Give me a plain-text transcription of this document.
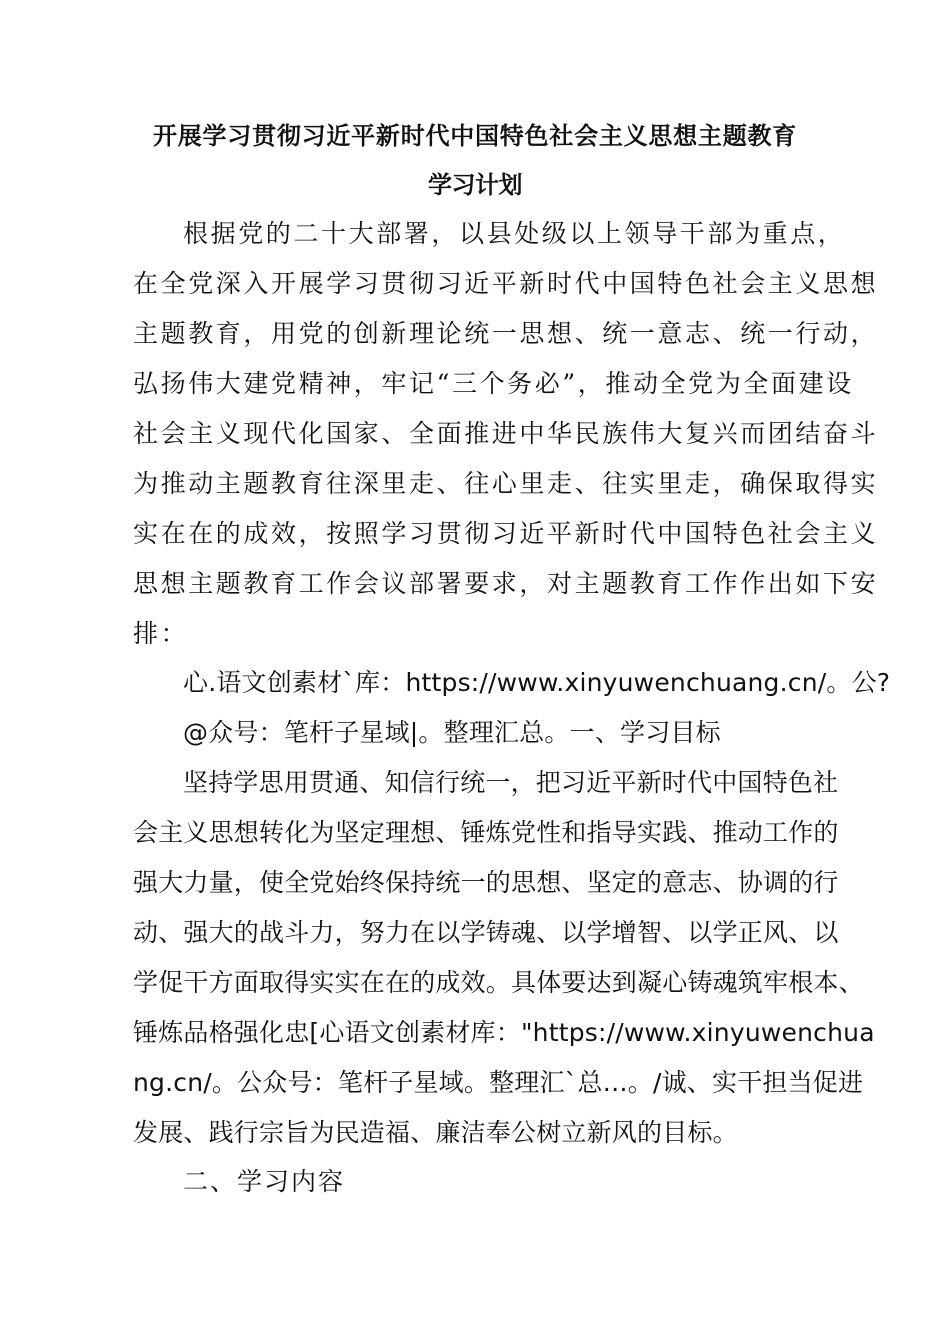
开展学习贯彻习近平新时代中国特色社会主义思想主题教育
学习计划
根据党的二十大部署，以县处级以上领导干部为重点，
在全党深入开展学习贯彻习近平新时代中国特色社会主义思想
主题教育，用党的创新理论统一思想、统一意志、统一行动，
弘扬伟大建党精神，牢记“三个务必”，推动全党为全面建设
社会主义现代化国家、全面推进中华民族伟大复兴而团结奋斗
为推动主题教育往深里走、往心里走、往实里走，确保取得实
实在在的成效，按照学习贯彻习近平新时代中国特色社会主义
思想主题教育工作会议部署要求，对主题教育工作作出如下安
排：
心.语文创素材`库：https://www.xinyuwenchuang.cn/。公?
@众号：笔杆子星域|。整理汇总。一、学习目标
坚持学思用贯通、知信行统一，把习近平新时代中国特色社
会主义思想转化为坚定理想、锤炼党性和指导实践、推动工作的
强大力量，使全党始终保持统一的思想、坚定的意志、协调的行
动、强大的战斗力，努力在以学铸魂、以学增智、以学正风、以
学促干方面取得实实在在的成效。具体要达到凝心铸魂筑牢根本、
锤炼品格强化忠[心语文创素材库："https://www.xinyuwenchua
ng.cn/。公众号：笔杆子星域。整理汇`总…。/诚、实干担当促进
发展、践行宗旨为民造福、廉洁奉公树立新风的目标。
二、学习内容
